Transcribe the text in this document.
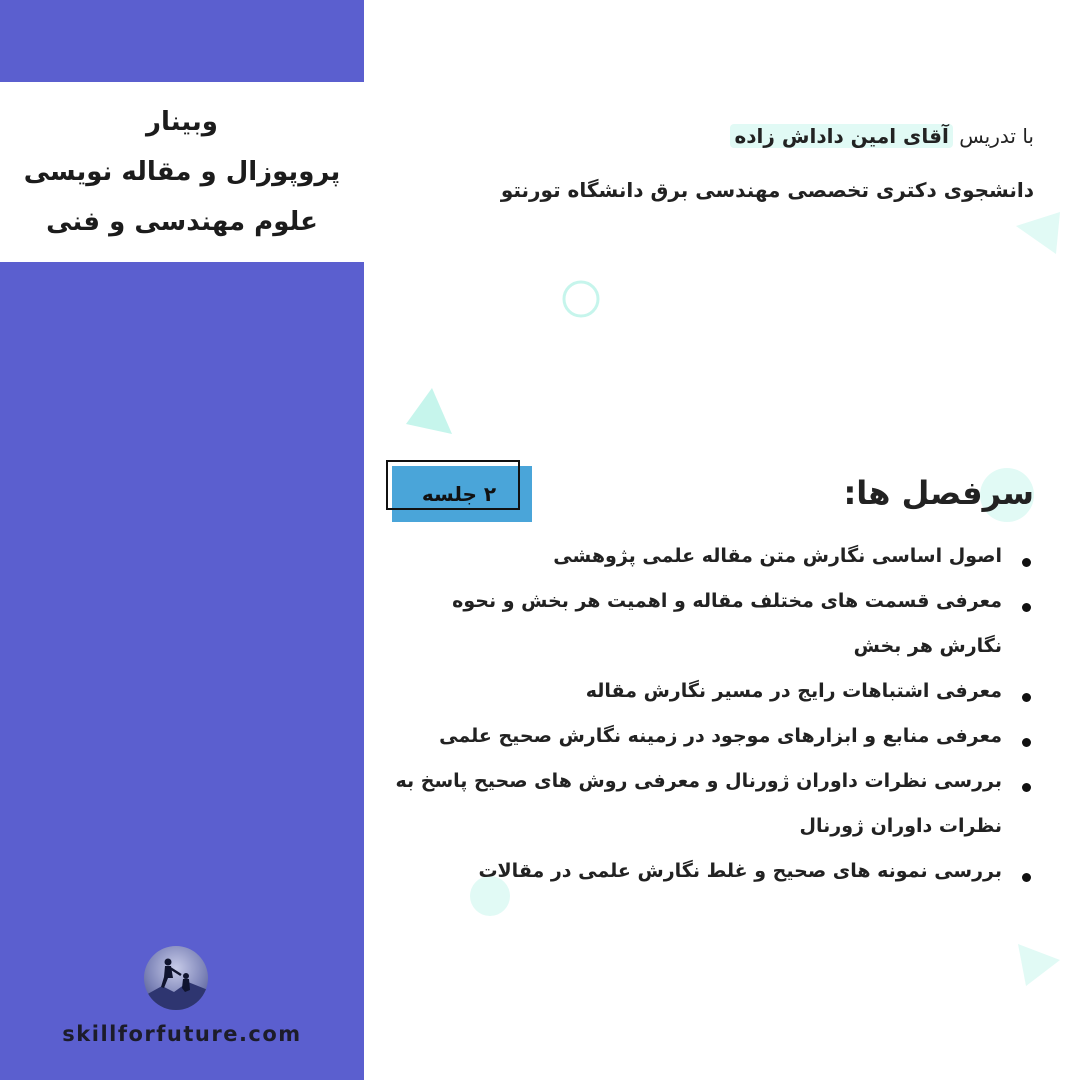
وبینار
پروپوزال و مقاله نویسی
علوم مهندسی و فنی
skillforfuture.com
با تدریس آقای امین داداش زاده
دانشجوی دکتری تخصصی مهندسی برق دانشگاه تورنتو
۲ جلسه	سرفصل ها:
اصول اساسی نگارش متن مقاله علمی پژوهشی
معرفی قسمت های مختلف مقاله و اهمیت هر بخش و نحوه نگارش هر بخش
معرفی اشتباهات رایج در مسیر نگارش مقاله
معرفی منابع و ابزارهای موجود در زمینه نگارش صحیح علمی
بررسی نظرات داوران ژورنال و معرفی روش های صحیح پاسخ به نظرات داوران ژورنال
بررسی نمونه های صحیح و غلط نگارش علمی در مقالات
